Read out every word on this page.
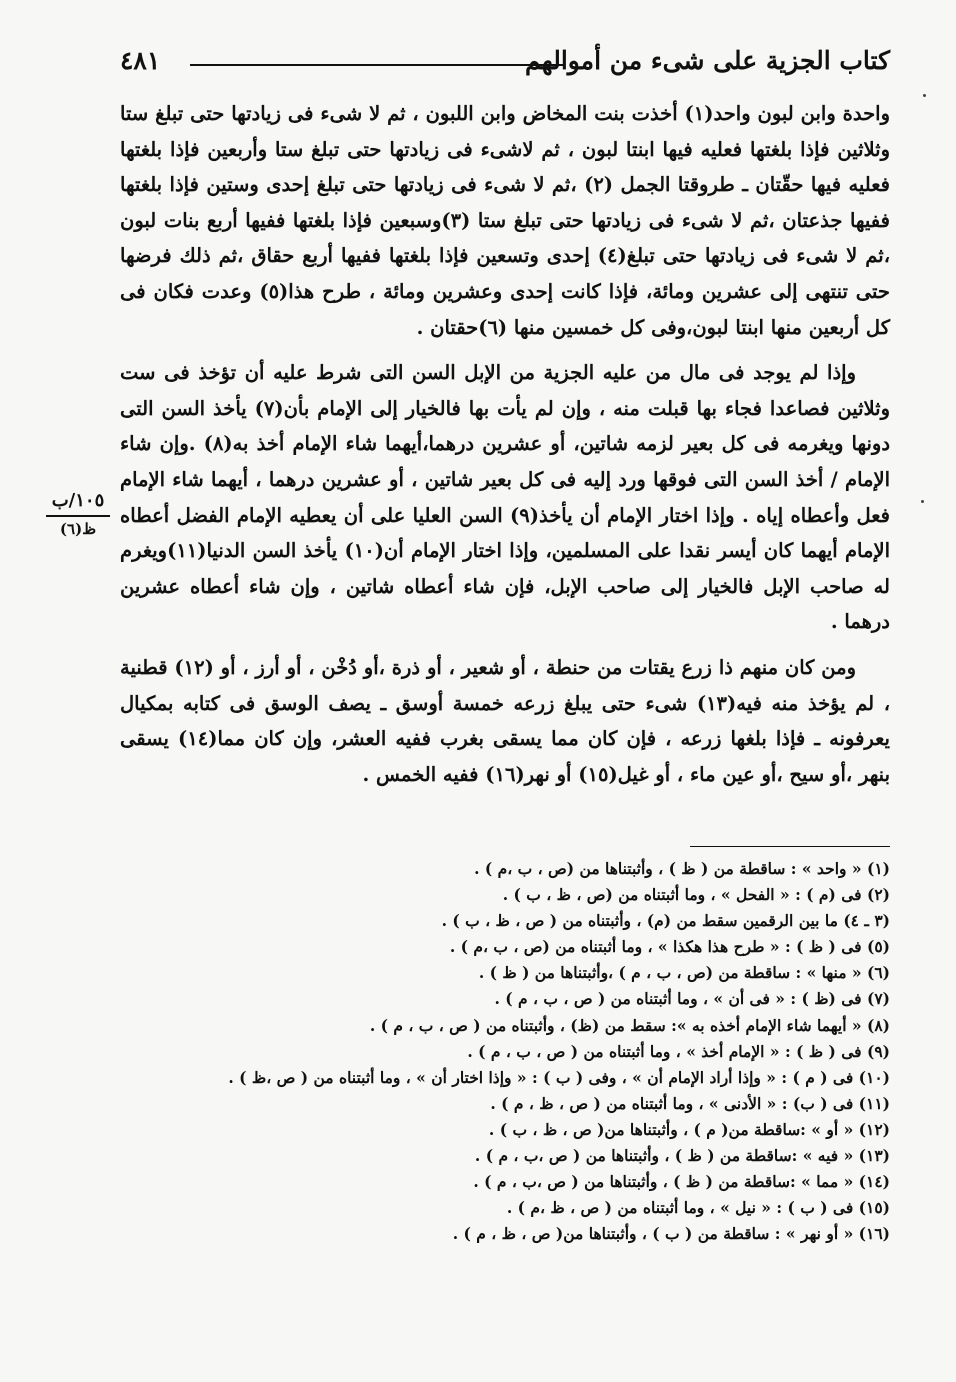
كتاب الجزية على شىء من أموالهم
٤٨١

واحدة وابن لبون واحد(١) أخذت بنت المخاض وابن اللبون ، ثم لا شىء فى زيادتها حتى تبلغ ستا وثلاثين فإذا بلغتها فعليه فيها ابنتا لبون ، ثم لاشىء فى زيادتها حتى تبلغ ستا وأربعين فإذا بلغتها فعليه فيها حقّتان ـ طروقتا الجمل (٢) ،ثم لا شىء فى زيادتها حتى تبلغ إحدى وستين فإذا بلغتها ففيها جذعتان ،ثم لا شىء فى زيادتها حتى تبلغ ستا (٣)وسبعين فإذا بلغتها ففيها أربع بنات لبون ،ثم لا شىء فى زيادتها حتى تبلغ(٤) إحدى وتسعين فإذا بلغتها ففيها أربع حقاق ،ثم ذلك فرضها حتى تنتهى إلى عشرين ومائة، فإذا كانت إحدى وعشرين ومائة ، طرح هذا(٥) وعدت فكان فى كل أربعين منها ابنتا لبون،وفى كل خمسين منها (٦)حقتان .

وإذا لم يوجد فى مال من عليه الجزية من الإبل السن التى شرط عليه أن تؤخذ فى ست وثلاثين فصاعدا فجاء بها قبلت منه ، وإن لم يأت بها فالخيار إلى الإمام بأن(٧) يأخذ السن التى دونها ويغرمه فى كل بعير لزمه شاتين، أو عشرين درهما،أيهما شاء الإمام أخذ به(٨) .وإن شاء الإمام / أخذ السن التى فوقها ورد إليه فى كل بعير شاتين ، أو عشرين درهما ، أيهما شاء الإمام فعل وأعطاه إياه . وإذا اختار الإمام أن يأخذ(٩) السن العليا على أن يعطيه الإمام الفضل أعطاه الإمام أيهما كان أيسر نقدا على المسلمين، وإذا اختار الإمام أن(١٠) يأخذ السن الدنيا(١١)ويغرم له صاحب الإبل فالخيار إلى صاحب الإبل، فإن شاء أعطاه شاتين ، وإن شاء أعطاه عشرين درهما .

ومن كان منهم ذا زرع يقتات من حنطة ، أو شعير ، أو ذرة ،أو دُخْن ، أو أرز ، أو (١٢) قطنية ، لم يؤخذ منه فيه(١٣) شىء حتى يبلغ زرعه خمسة أوسق ـ يصف الوسق فى كتابه بمكيال يعرفونه ـ فإذا بلغها زرعه ، فإن كان مما يسقى بغرب ففيه العشر، وإن كان مما(١٤) يسقى بنهر ،أو سيح ،أو عين ماء ، أو غيل(١٥) أو نهر(١٦) ففيه الخمس .

١٠٥/ب
ظ(٦)
(١) « واحد » : ساقطة من ( ظ ) ، وأثبتناها من (ص ، ب ،م ) .
(٢) فى (م ) : « الفحل » ، وما أثبتناه من (ص ، ظ ، ب ) .
(٣ ـ ٤) ما بين الرقمين سقط من (م) ، وأثبتناه من ( ص ، ظ ، ب ) .
(٥) فى ( ظ ) : « طرح هذا هكذا » ، وما أثبتناه من (ص ، ب ،م ) .
(٦) « منها » : ساقطة من (ص ، ب ، م ) ،وأثبتناها من ( ظ ) .
(٧) فى (ظ ) : « فى أن » ، وما أثبتناه من ( ص ، ب ، م ) .
(٨) « أيهما شاء الإمام أخذه به »: سقط من (ظ) ، وأثبتناه من ( ص ، ب ، م ) .
(٩) فى ( ظ ) : « الإمام أخذ » ، وما أثبتناه من ( ص ، ب ، م ) .
(١٠) فى ( م ) : « وإذا أراد الإمام أن » ، وفى ( ب ) : « وإذا اختار أن » ، وما أثبتناه من ( ص ،ظ ) .
(١١) فى ( ب) : « الأدنى » ، وما أثبتناه من ( ص ، ظ ، م ) .
(١٢) « أو » :ساقطة من( م ) ، وأثبتناها من( ص ، ظ ، ب ) .
(١٣) « فيه » :ساقطة من ( ظ ) ، وأثبتناها من ( ص ،ب ، م ) .
(١٤) « مما » :ساقطة من ( ظ ) ، وأثبتناها من ( ص ،ب ، م ) .
(١٥) فى ( ب ) : « نيل » ، وما أثبتناه من ( ص ، ظ ،م ) .
(١٦) « أو نهر » : ساقطة من ( ب ) ، وأثبتناها من( ص ، ظ ، م ) .
